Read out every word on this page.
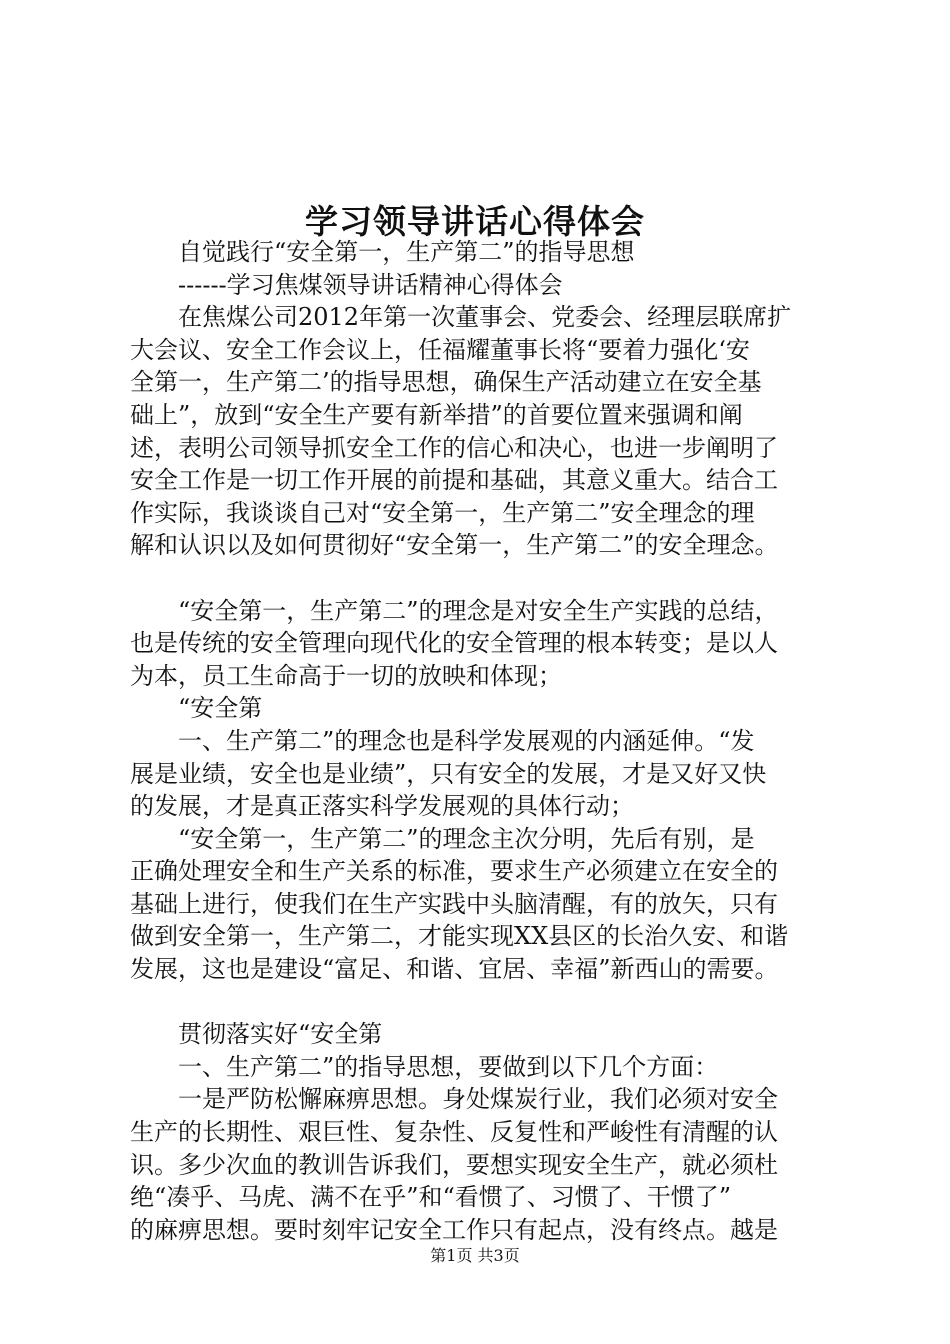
学习领导讲话心得体会

自觉践行“安全第一，生产第二”的指导思想

------学习焦煤领导讲话精神心得体会

在焦煤公司2012年第一次董事会、党委会、经理层联席扩

大会议、安全工作会议上，任福耀董事长将“要着力强化‘安

全第一，生产第二’的指导思想，确保生产活动建立在安全基

础上”，放到“安全生产要有新举措”的首要位置来强调和阐

述，表明公司领导抓安全工作的信心和决心，也进一步阐明了

安全工作是一切工作开展的前提和基础，其意义重大。结合工

作实际，我谈谈自己对“安全第一，生产第二”安全理念的理

解和认识以及如何贯彻好“安全第一，生产第二”的安全理念。

“安全第一，生产第二”的理念是对安全生产实践的总结，

也是传统的安全管理向现代化的安全管理的根本转变；是以人

为本，员工生命高于一切的放映和体现；

“安全第

一、生产第二”的理念也是科学发展观的内涵延伸。“发

展是业绩，安全也是业绩”，只有安全的发展，才是又好又快

的发展，才是真正落实科学发展观的具体行动；

“安全第一，生产第二”的理念主次分明，先后有别，是

正确处理安全和生产关系的标准，要求生产必须建立在安全的

基础上进行，使我们在生产实践中头脑清醒，有的放矢，只有

做到安全第一，生产第二，才能实现XX县区的长治久安、和谐

发展，这也是建设“富足、和谐、宜居、幸福”新西山的需要。

贯彻落实好“安全第

一、生产第二”的指导思想，要做到以下几个方面：

一是严防松懈麻痹思想。身处煤炭行业，我们必须对安全

生产的长期性、艰巨性、复杂性、反复性和严峻性有清醒的认

识。多少次血的教训告诉我们，要想实现安全生产，就必须杜

绝“凑乎、马虎、满不在乎”和“看惯了、习惯了、干惯了”

的麻痹思想。要时刻牢记安全工作只有起点，没有终点。越是

第1页 共3页
